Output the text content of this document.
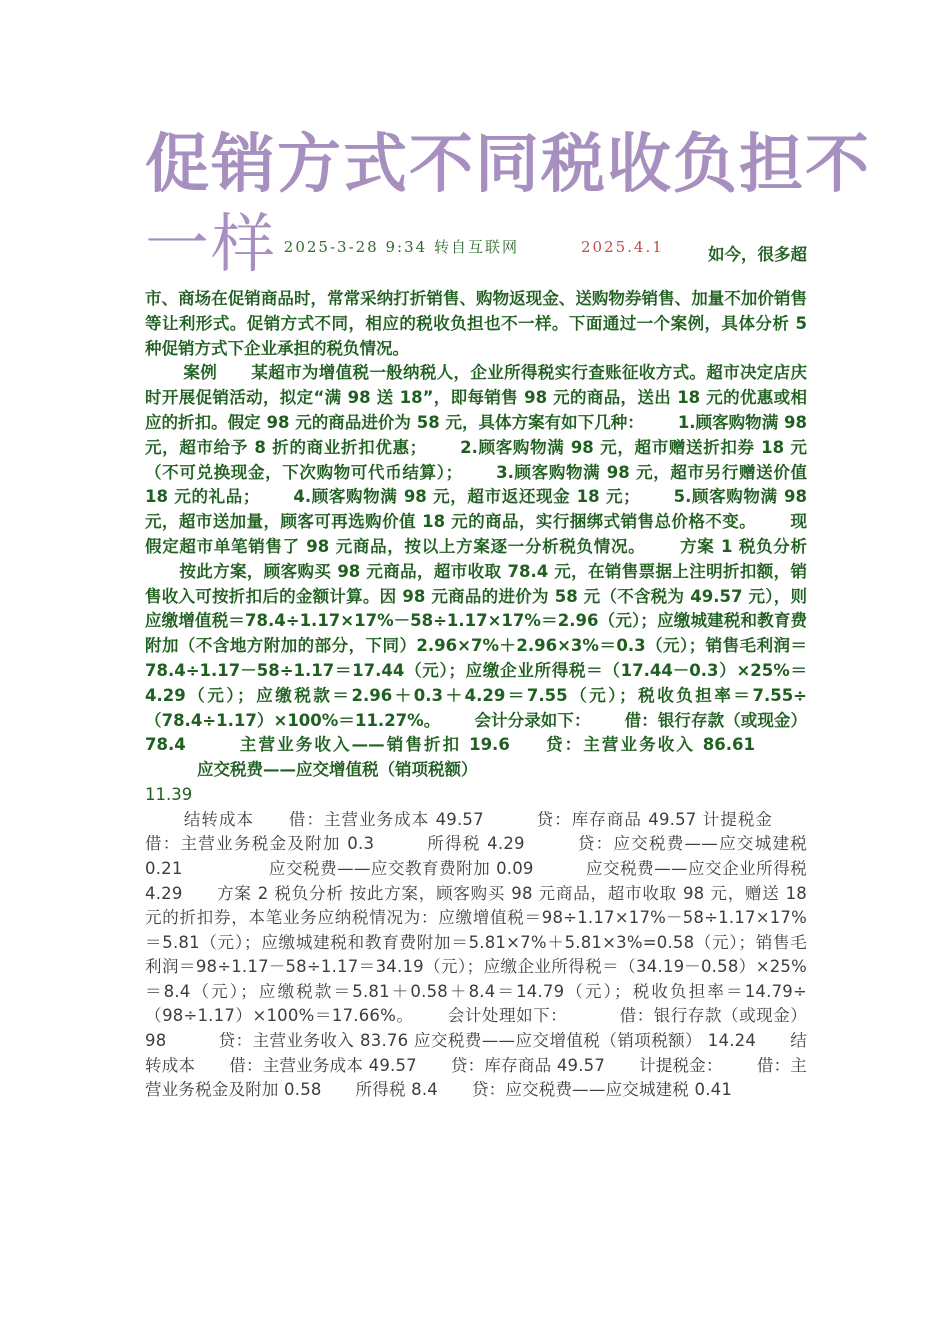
促销方式不同税收负担不
一样 $^{2025-3-28 9:34 转自互联网 2025.4.1}$	如今，很多超
市、商场在促销商品时，常常采纳打折销售、购物返现金、送购物券销售、加量不加价销售等让利形式。促销方式不同，相应的税收负担也不一样。下面通过一个案例，具体分析 5 种促销方式下企业承担的税负情况。
案例 某超市为增值税一般纳税人，企业所得税实行查账征收方式。超市决定店庆时开展促销活动，拟定“满 98 送 18”，即每销售 98 元的商品，送出 18 元的优惠或相应的折扣。假定 98 元的商品进价为 58 元，具体方案有如下几种： 1.顾客购物满 98 元，超市给予 8 折的商业折扣优惠； 2.顾客购物满 98 元，超市赠送折扣券 18 元（不可兑换现金，下次购物可代币结算）； 3.顾客购物满 98 元，超市另行赠送价值 18 元的礼品； 4.顾客购物满 98 元，超市返还现金 18 元； 5.顾客购物满 98 元，超市送加量，顾客可再选购价值 18 元的商品，实行捆绑式销售总价格不变。 现假定超市单笔销售了 98 元商品，按以上方案逐一分析税负情况。 方案 1 税负分析按此方案，顾客购买 98 元商品，超市收取 78.4 元，在销售票据上注明折扣额，销售收入可按折扣后的金额计算。因 98 元商品的进价为 58 元（不含税为 49.57 元），则应缴增值税＝78.4÷1.17×17%－58÷1.17×17%＝2.96（元）；应缴城建税和教育费附加（不含地方附加的部分，下同）2.96×7%＋2.96×3%＝0.3（元）；销售毛利润＝78.4÷1.17－58÷1.17＝17.44（元）；应缴企业所得税＝（17.44－0.3）×25%＝4.29（元）；应缴税款＝2.96＋0.3＋4.29＝7.55（元）；税收负担率＝7.55÷（78.4÷1.17）×100%＝11.27%。 会计分录如下： 借：银行存款（或现金） 78.4	主营业务收入——销售折扣 19.6 贷：主营业务收入 86.61应交税费——应交增值税（销项税额）
11.39
结转成本 借：主营业务成本 49.57	贷：库存商品 49.57 计提税金借：主营业务税金及附加 0.3	所得税 4.29	贷：应交税费——应交城建税 0.21	应交税费——应交教育费附加 0.09	应交税费——应交企业所得税 4.29 方案 2 税负分析 按此方案，顾客购买 98 元商品，超市收取 98 元，赠送 18 元的折扣券，本笔业务应纳税情况为：应缴增值税＝98÷1.17×17%－58÷1.17×17%＝5.81（元）；应缴城建税和教育费附加＝5.81×7%＋5.81×3%=0.58（元）；销售毛利润＝98÷1.17－58÷1.17＝34.19（元）；应缴企业所得税＝（34.19－0.58）×25%＝8.4（元）；应缴税款＝5.81＋0.58＋8.4＝14.79（元）；税收负担率＝14.79÷（98÷1.17）×100%＝17.66%。 会计处理如下：	借：银行存款（或现金） 98	贷：主营业务收入 83.76 应交税费——应交增值税（销项税额） 14.24 结转成本 借：主营业务成本 49.57 贷：库存商品 49.57 计提税金： 借：主营业务税金及附加 0.58 所得税 8.4 贷：应交税费——应交城建税 0.41
